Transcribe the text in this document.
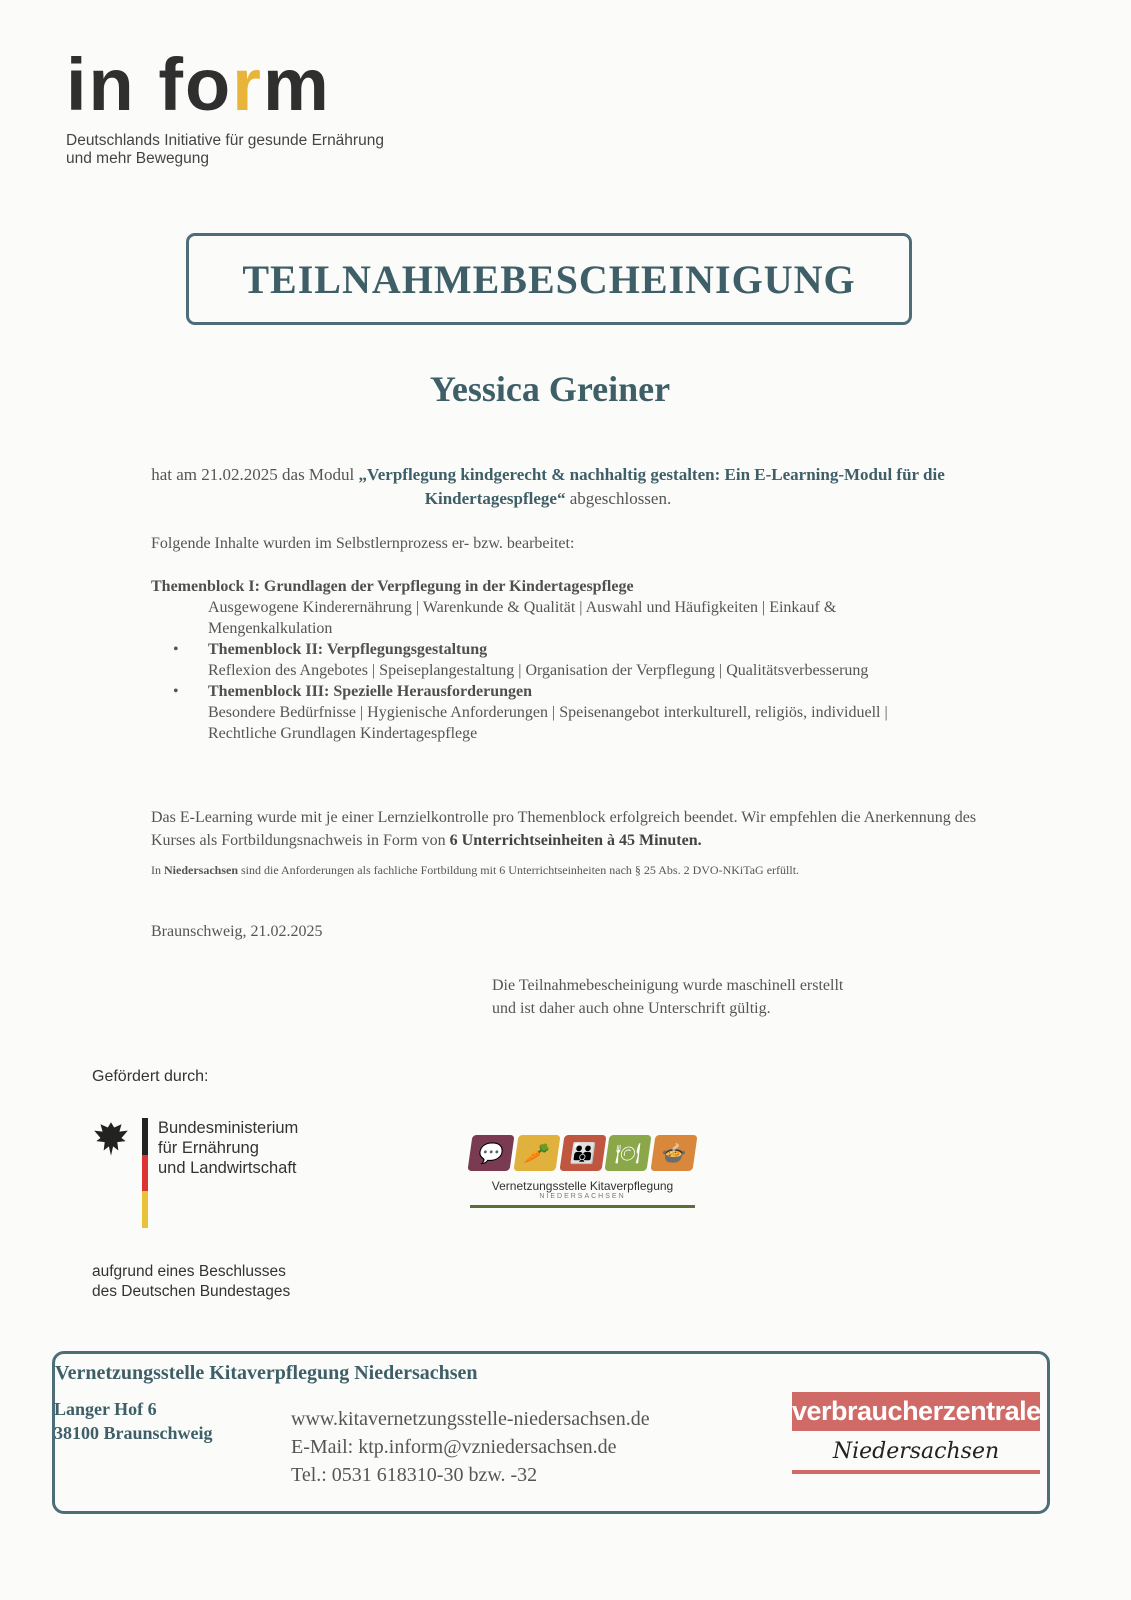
in form
Deutschlands Initiative für gesunde Ernährung
und mehr Bewegung
TEILNAHMEBESCHEINIGUNG
Yessica Greiner
hat am 21.02.2025 das Modul „Verpflegung kindgerecht & nachhaltig gestalten: Ein E-Learning-Modul für die Kindertagespflege“ abgeschlossen.
Folgende Inhalte wurden im Selbstlernprozess er- bzw. bearbeitet:
Themenblock I: Grundlagen der Verpflegung in der Kindertagespflege
Ausgewogene Kinderernährung | Warenkunde & Qualität | Auswahl und Häufigkeiten | Einkauf & Mengenkalkulation
•	Themenblock II: Verpflegungsgestaltung
Reflexion des Angebotes | Speiseplangestaltung | Organisation der Verpflegung | Qualitätsverbesserung
•	Themenblock III: Spezielle Herausforderungen
Besondere Bedürfnisse | Hygienische Anforderungen | Speisenangebot interkulturell, religiös, individuell | Rechtliche Grundlagen Kindertagespflege
Das E-Learning wurde mit je einer Lernzielkontrolle pro Themenblock erfolgreich beendet. Wir empfehlen die Anerkennung des Kurses als Fortbildungsnachweis in Form von 6 Unterrichtseinheiten à 45 Minuten.
In Niedersachsen sind die Anforderungen als fachliche Fortbildung mit 6 Unterrichtseinheiten nach § 25 Abs. 2 DVO-NKiTaG erfüllt.
Braunschweig, 21.02.2025
Die Teilnahmebescheinigung wurde maschinell erstellt
und ist daher auch ohne Unterschrift gültig.
Gefördert durch:
Bundesministerium
für Ernährung
und Landwirtschaft
aufgrund eines Beschlusses
des Deutschen Bundestages
💬 🥕 👪 🍽 🍲
Vernetzungsstelle Kitaverpflegung
NIEDERSACHSEN
Vernetzungsstelle Kitaverpflegung Niedersachsen
Langer Hof 6
38100 Braunschweig
www.kitavernetzungsstelle-niedersachsen.de
E-Mail: ktp.inform@vzniedersachsen.de
Tel.: 0531 618310-30 bzw. -32
verbraucherzentrale
Niedersachsen
